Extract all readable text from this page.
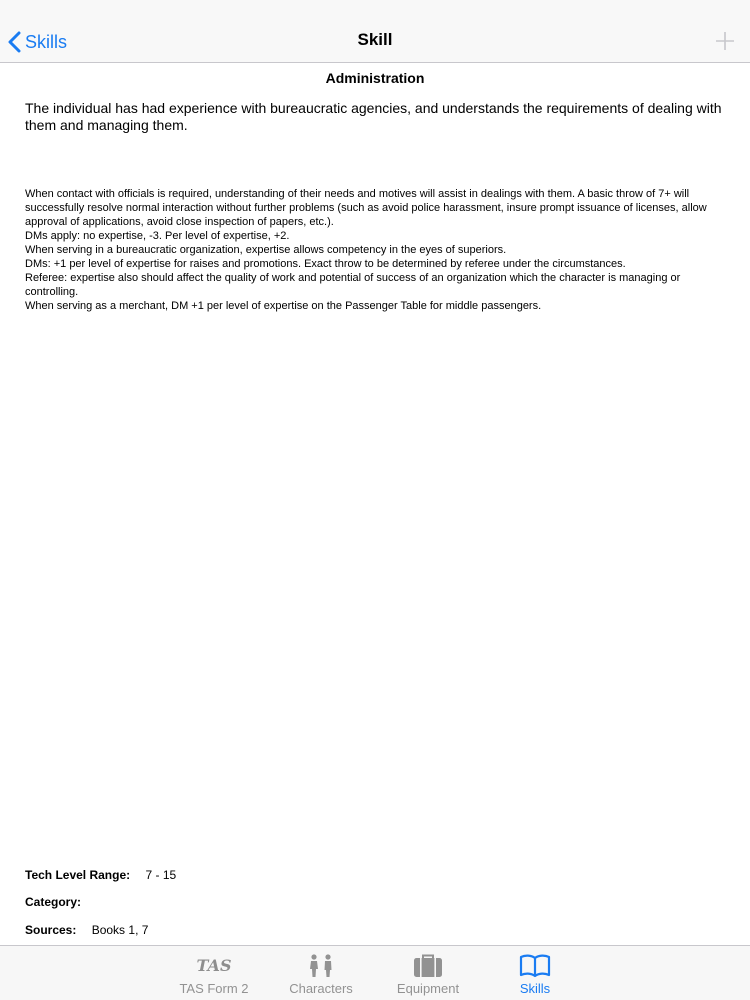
Skills	Skill
Administration
The individual has had experience with bureaucratic agencies, and understands the requirements of dealing with them and managing them.

When contact with officials is required, understanding of their needs and motives will assist in dealings with them. A basic throw of 7+ will successfully resolve normal interaction without further problems (such as avoid police harassment, insure prompt issuance of licenses, allow approval of applications, avoid close inspection of papers, etc.).

DMs apply: no expertise, -3. Per level of expertise, +2.

When serving in a bureaucratic organization, expertise allows competency in the eyes of superiors.

DMs: +1 per level of expertise for raises and promotions. Exact throw to be determined by referee under the circumstances.

Referee: expertise also should affect the quality of work and potential of success of an organization which the character is managing or controlling.

When serving as a merchant, DM +1 per level of expertise on the Passenger Table for middle passengers.

Tech Level Range: 7 - 15
Category:
Sources: Books 1, 7
TAS
TAS Form 2	Characters	Equipment	Skills
